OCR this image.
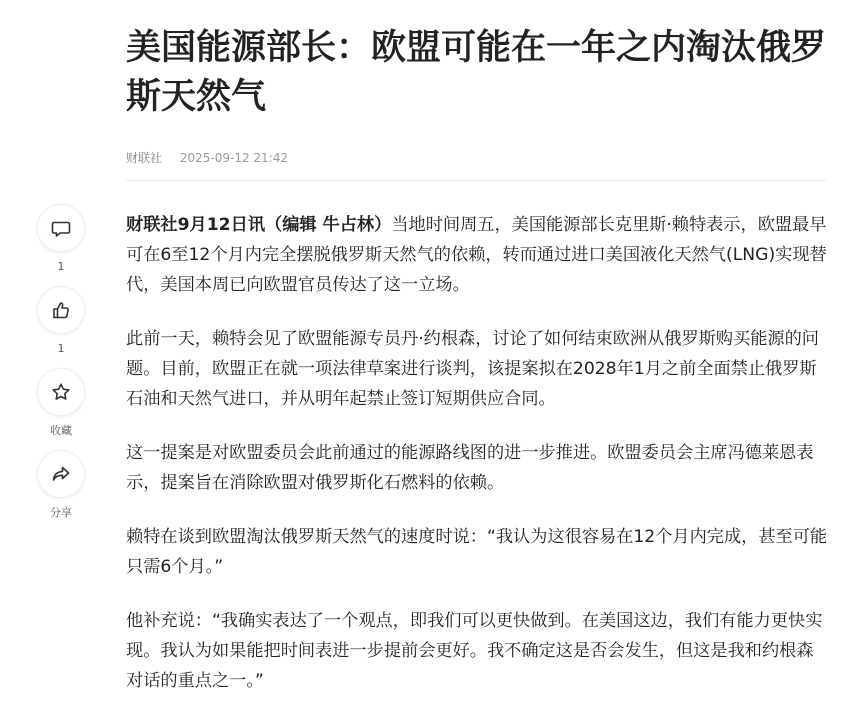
美国能源部长：欧盟可能在一年之内淘汰俄罗斯天然气
财联社 2025-09-12 21:42
1
1
收藏
分享

财联社9月12日讯（编辑 牛占林）当地时间周五，美国能源部长克里斯·赖特表示，欧盟最早可在6至12个月内完全摆脱俄罗斯天然气的依赖，转而通过进口美国液化天然气(LNG)实现替代，美国本周已向欧盟官员传达了这一立场。

此前一天，赖特会见了欧盟能源专员丹·约根森，讨论了如何结束欧洲从俄罗斯购买能源的问题。目前，欧盟正在就一项法律草案进行谈判，该提案拟在2028年1月之前全面禁止俄罗斯石油和天然气进口，并从明年起禁止签订短期供应合同。

这一提案是对欧盟委员会此前通过的能源路线图的进一步推进。欧盟委员会主席冯德莱恩表示，提案旨在消除欧盟对俄罗斯化石燃料的依赖。

赖特在谈到欧盟淘汰俄罗斯天然气的速度时说：“我认为这很容易在12个月内完成，甚至可能只需6个月。”

他补充说：“我确实表达了一个观点，即我们可以更快做到。在美国这边，我们有能力更快实现。我认为如果能把时间表进一步提前会更好。我不确定这是否会发生，但这是我和约根森对话的重点之一。”
